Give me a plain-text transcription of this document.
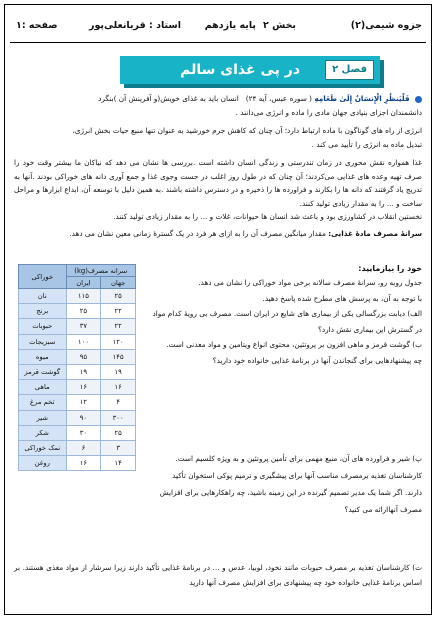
جزوه شیمی(۲)
بخش ۲
پایه یازدهم
استاد : قربانعلی‌پور
صفحه :۱
فصل ۲
در پی غذای سالم

فَلْيَنظُرِ الْإِنسَانُ إِلَىٰ طَعَامِهِ ( سوره عبس، آیه ۲۴)   انسان باید به غذای خویش(و آفرینش آن )بنگرد

دانشمندان اجزای بنیادی جهان مادی را ماده و انرژی می‌دانند .

انرژی از راه های گوناگون با ماده ارتباط دارد؛ آن چنان که کاهش جرم خورشید به عنوان تنها منبع حیات بخش انرژی،

تبدیل ماده به انرژی را تأیید می کند .

غذا همواره نقش محوری در زمان تندرستی و زندگی انسان داشته است .بررسی ها نشان می دهد که نیاکان ما بیشتر وقت خود را صرف تهیه وعده های غذایی می‌کردند؛ آن چنان که در طول روز اغلب در جست وجوی غذا و جمع آوری دانه های خوراکی بودند .آنها به تدریج یاد گرفتند که دانه ها را بکارند و فراورده ها را ذخیره و در دسترس داشته باشند .به همین دلیل با توسعه آن، ابداع ابزارها و مراحل ساخت و ... را به مقدار زیادی تولید کنند.

نخستین انقلاب در کشاورزی بود و باعث شد انسان ها حیوانات، غلات و ... را به مقدار زیادی تولید کنند.

سرانهٔ مصرف مادهٔ غذایی: مقدار میانگین مصرف آن را به ازای هر فرد در یک گسترهٔ زمانی معین نشان می دهد.

سرانه مصرف(kg)		خوراکی
جهان	ایران	
۲۵	۱۱۵	نان
۲۲	۲۵	برنج
۲۲	۳۷	حبوبات
۱۲۰	۱۰۰	سبزیجات
۱۴۵	۹۵	میوه
۱۹	۱۹	گوشت قرمز
۱۶	۱۶	ماهی
۴	۱۲	تخم مرغ
۳۰۰	۹۰	شیر
۲۵	۳۰	شکر
۳	۶	نمک خوراکی
۱۴	۱۶	روغن

خود را بیازمایید:

جدول روبه رو، سرانهٔ مصرف سالانه برخی مواد خوراکی را نشان می دهد.

با توجه به آن، به پرسش های مطرح شده پاسخ دهید.

الف) دیابت بزرگسالی یکی از بیماری های شایع در ایران است. مصرف بی رویهٔ کدام مواد

در گسترش این بیماری نقش دارد؟

ب) گوشت قرمز و ماهی افزون بر پروتئین، محتوی انواع ویتامین و مواد معدنی است.

چه پیشنهادهایی برای گنجاندن آنها در برنامهٔ غذایی خانواده خود دارید؟

پ) شیر و فراورده های آن، منبع مهمی برای تأمین پروتئین و به ویژه کلسیم است.

کارشناسان تغذیه برمصرف مناسب آنها برای پیشگیری و ترمیم پوکی استخوان تأکید

دارند. اگر شما یک مدیر تصمیم گیرنده در این زمینه باشید، چه راهکارهایی برای افزایش

مصرف آنهاارائه می کنید؟

ت) کارشناسان تغذیه بر مصرف حبوبات مانند نخود، لوبیا، عدس و ... در برنامهٔ غذایی تأکید دارند زیرا سرشار از مواد مغذی هستند. بر اساس برنامهٔ غذایی خانواده خود چه پیشنهادی برای افزایش مصرف آنها دارید
